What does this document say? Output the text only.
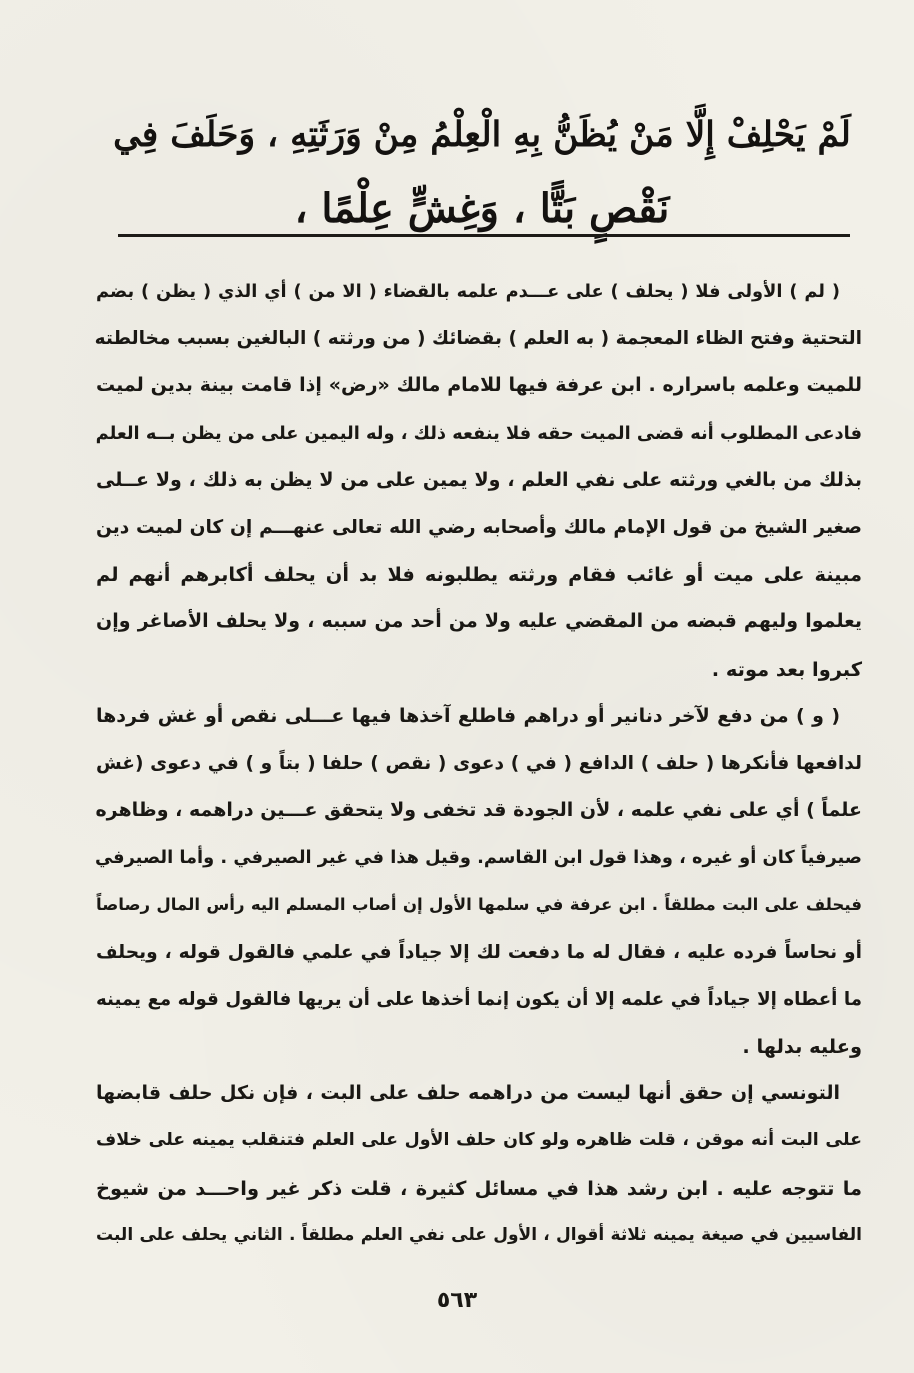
لَمْ يَحْلِفْ إِلَّا مَنْ يُظَنُّ بِهِ الْعِلْمُ مِنْ وَرَثَتِهِ ، وَحَلَفَ فِي
نَقْصٍ بَتًّا ، وَغِشٍّ عِلْمًا ،
( لم ) الأولى فلا ( يحلف ) على عـــدم علمه بالقضاء ( الا من ) أي الذي ( يظن ) بضم
التحتية وفتح الظاء المعجمة ( به العلم ) بقضائك ( من ورثته ) البالغين بسبب مخالطته
للميت وعلمه باسراره . ابن عرفة فيها للامام مالك «رض» إذا قامت بينة بدين لميت
فادعى المطلوب أنه قضى الميت حقه فلا ينفعه ذلك ، وله اليمين على من يظن بــه العلم
بذلك من بالغي ورثته على نفي العلم ، ولا يمين على من لا يظن به ذلك ، ولا عــلى
صغير الشيخ من قول الإمام مالك وأصحابه رضي الله تعالى عنهـــم إن كان لميت دين
مبينة على ميت أو غائب فقام ورثته يطلبونه فلا بد أن يحلف أكابرهم أنهم لم
يعلموا وليهم قبضه من المقضي عليه ولا من أحد من سببه ، ولا يحلف الأصاغر وإن
كبروا بعد موته .
( و ) من دفع لآخر دنانير أو دراهم فاطلع آخذها فيها عـــلى نقص أو غش فردها
لدافعها فأنكرها ( حلف ) الدافع ( في ) دعوى ( نقص ) حلفا ( بتاً و ) في دعوى (غش
علماً ) أي على نفي علمه ، لأن الجودة قد تخفى ولا يتحقق عـــين دراهمه ، وظاهره
صيرفياً كان أو غيره ، وهذا قول ابن القاسم. وقيل هذا في غير الصيرفي . وأما الصيرفي
فيحلف على البت مطلقاً . ابن عرفة في سلمها الأول إن أصاب المسلم اليه رأس المال رصاصاً
أو نحاساً فرده عليه ، فقال له ما دفعت لك إلا جياداً في علمي فالقول قوله ، ويحلف
ما أعطاه إلا جياداً في علمه إلا أن يكون إنما أخذها على أن يريها فالقول قوله مع يمينه
وعليه بدلها .
التونسي إن حقق أنها ليست من دراهمه حلف على البت ، فإن نكل حلف قابضها
على البت أنه موقن ، قلت ظاهره ولو كان حلف الأول على العلم فتنقلب يمينه على خلاف
ما تتوجه عليه . ابن رشد هذا في مسائل كثيرة ، قلت ذكر غير واحـــد من شيوخ
الفاسيين في صيغة يمينه ثلاثة أقوال ، الأول على نفي العلم مطلقاً . الثاني يحلف على البت
٥٦٣
